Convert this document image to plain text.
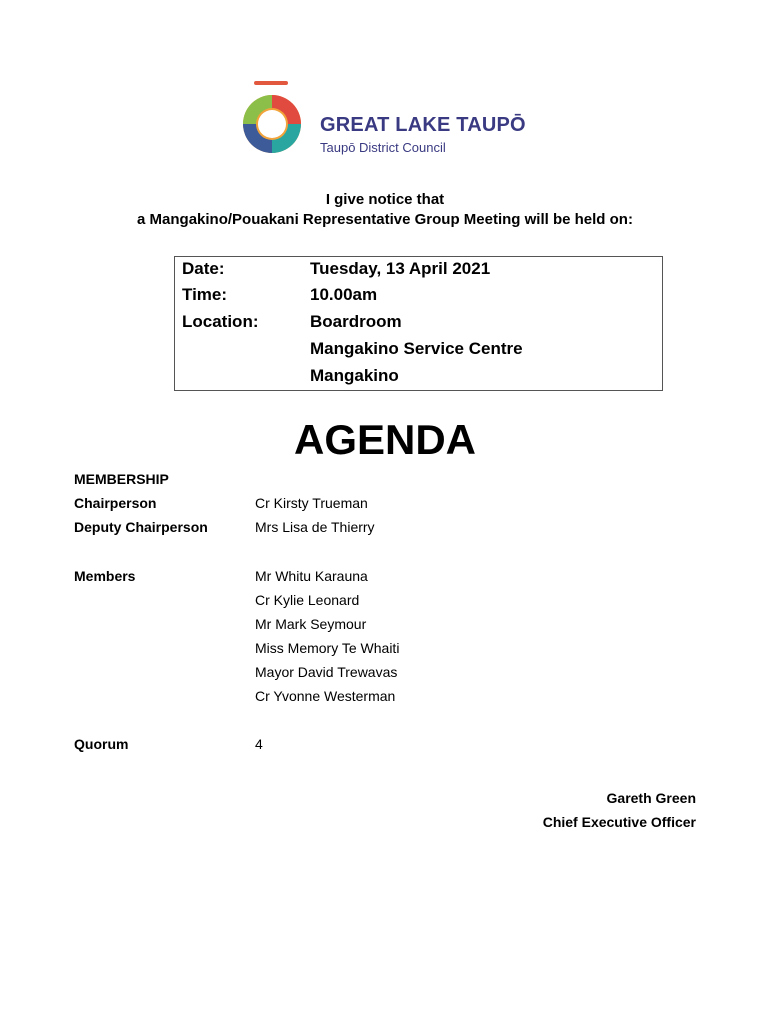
GREAT LAKE TAUPŌ
Taupō District Council
I give notice that
a Mangakino/Pouakani Representative Group Meeting will be held on:
Date:	Tuesday, 13 April 2021
Time:	10.00am
Location:	Boardroom
Mangakino Service Centre
Mangakino
AGENDA
MEMBERSHIP
Chairperson	Cr Kirsty Trueman
Deputy Chairperson	Mrs Lisa de Thierry
Members	Mr Whitu Karauna
Cr Kylie Leonard
Mr Mark Seymour
Miss Memory Te Whaiti
Mayor David Trewavas
Cr Yvonne Westerman
Quorum	4
Gareth Green
Chief Executive Officer
